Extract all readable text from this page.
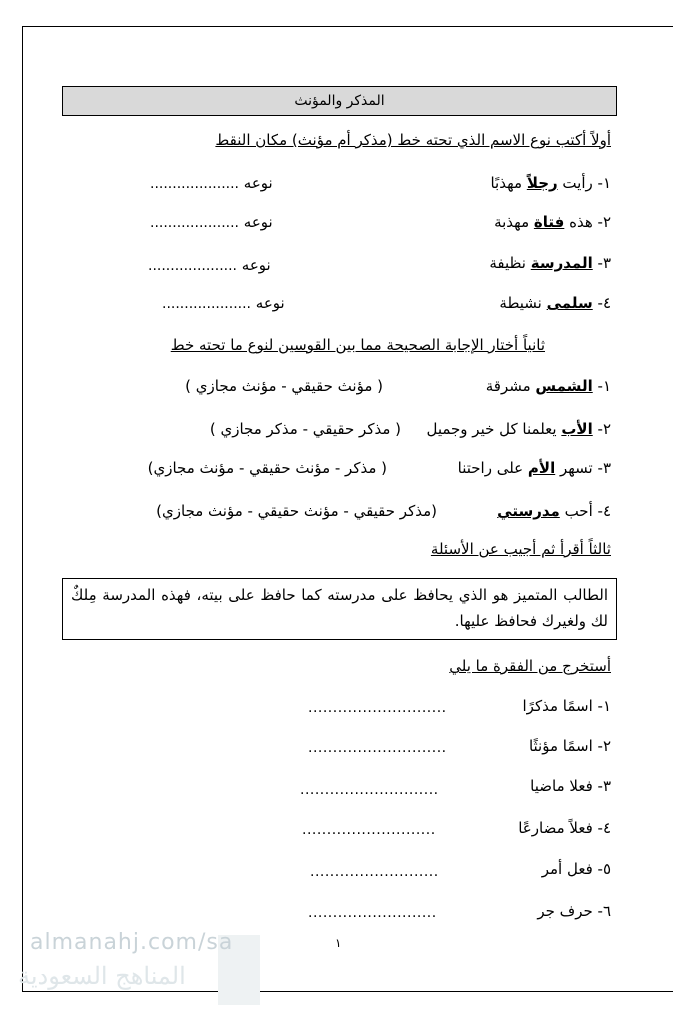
المذكر والمؤنث
أولاً أكتب نوع الاسم الذي تحته خط (مذكر أم مؤنث) مكان النقط
١- رأيت رجلاً مهذبًا
نوعه ....................
٢- هذه فتاة مهذبة
نوعه ....................
٣- المدرسة نظيفة
نوعه ....................
٤- سلمى نشيطة
نوعه ....................
ثانياً أختار الإجابة الصحيحة مما بين القوسين لنوع ما تحته خط
١- الشمس مشرقة
( مؤنث حقيقي - مؤنث مجازي )
٢- الأب يعلمنا كل خير وجميل
( مذكر حقيقي - مذكر مجازي )
٣- تسهر الأم على راحتنا
( مذكر - مؤنث حقيقي - مؤنث مجازي)
٤- أحب مدرستي
(مذكر حقيقي - مؤنث حقيقي - مؤنث مجازي)
ثالثاً أقرأ ثم أجيب عن الأسئلة
الطالب المتميز هو الذي يحافظ على مدرسته كما حافظ على بيته، فهذه المدرسة مِلكٌ لك ولغيرك فحافظ عليها.
أستخرج من الفقرة ما يلي
١- اسمًا مذكرًا
............................
٢- اسمًا مؤنثًا
............................
٣- فعلا ماضيا
............................
٤- فعلاً مضارعًا
...........................
٥- فعل أمر
..........................
٦- حرف جر
..........................
١
almanahj.com/sa
المناهج السعودية
